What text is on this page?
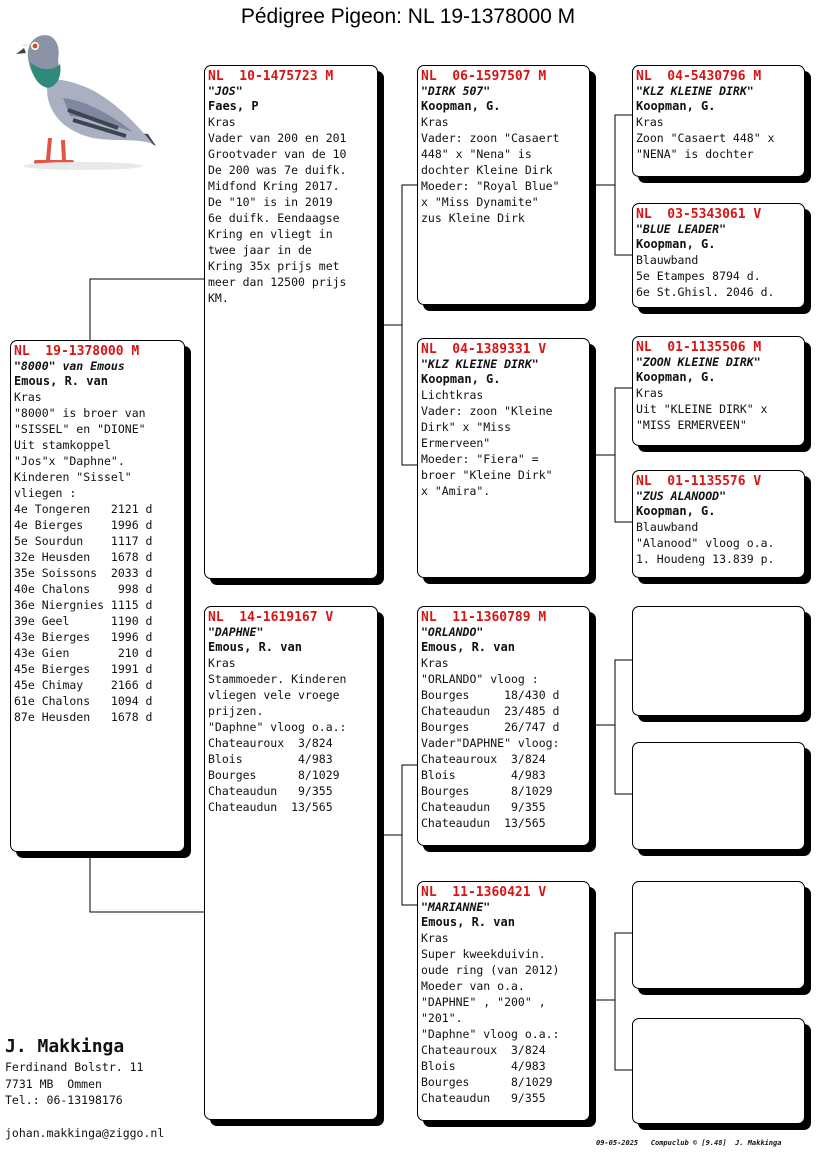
Pédigree Pigeon: NL 19-1378000 M
NL  19-1378000 M
"8000" van Emous
Emous, R. van
Kras
"8000" is broer van
"SISSEL" en "DIONE"
Uit stamkoppel
"Jos"x "Daphne".
Kinderen "Sissel"
vliegen :
4e Tongeren   2121 d
4e Bierges    1996 d
5e Sourdun    1117 d
32e Heusden   1678 d
35e Soissons  2033 d
40e Chalons    998 d
36e Niergnies 1115 d
39e Geel      1190 d
43e Bierges   1996 d
43e Gien       210 d
45e Bierges   1991 d
45e Chimay    2166 d
61e Chalons   1094 d
87e Heusden   1678 d
NL  10-1475723 M
"JOS"
Faes, P
Kras
Vader van 200 en 201
Grootvader van de 10
De 200 was 7e duifk.
Midfond Kring 2017.
De "10" is in 2019
6e duifk. Eendaagse
Kring en vliegt in
twee jaar in de
Kring 35x prijs met
meer dan 12500 prijs
KM.
NL  14-1619167 V
"DAPHNE"
Emous, R. van
Kras
Stammoeder. Kinderen
vliegen vele vroege
prijzen.
"Daphne" vloog o.a.:
Chateauroux  3/824
Blois        4/983
Bourges      8/1029
Chateaudun   9/355
Chateaudun  13/565
NL  06-1597507 M
"DIRK 507"
Koopman, G.
Kras
Vader: zoon "Casaert
448" x "Nena" is
dochter Kleine Dirk
Moeder: "Royal Blue"
x "Miss Dynamite"
zus Kleine Dirk
NL  04-1389331 V
"KLZ KLEINE DIRK"
Koopman, G.
Lichtkras
Vader: zoon "Kleine
Dirk" x "Miss
Ermerveen"
Moeder: "Fiera" =
broer "Kleine Dirk"
x "Amira".
NL  11-1360789 M
"ORLANDO"
Emous, R. van
Kras
"ORLANDO" vloog :
Bourges     18/430 d
Chateaudun  23/485 d
Bourges     26/747 d
Vader"DAPHNE" vloog:
Chateauroux  3/824
Blois        4/983
Bourges      8/1029
Chateaudun   9/355
Chateaudun  13/565
NL  11-1360421 V
"MARIANNE"
Emous, R. van
Kras
Super kweekduivin.
oude ring (van 2012)
Moeder van o.a.
"DAPHNE" , "200" ,
"201".
"Daphne" vloog o.a.:
Chateauroux  3/824
Blois        4/983
Bourges      8/1029
Chateaudun   9/355
NL  04-5430796 M
"KLZ KLEINE DIRK"
Koopman, G.
Kras
Zoon "Casaert 448" x
"NENA" is dochter
NL  03-5343061 V
"BLUE LEADER"
Koopman, G.
Blauwband
5e Etampes 8794 d.
6e St.Ghisl. 2046 d.
NL  01-1135506 M
"ZOON KLEINE DIRK"
Koopman, G.
Kras
Uit "KLEINE DIRK" x
"MISS ERMERVEEN"
NL  01-1135576 V
"ZUS ALANOOD"
Koopman, G.
Blauwband
"Alanood" vloog o.a.
1. Houdeng 13.839 p.
J. Makkinga
Ferdinand Bolstr. 11
7731 MB  Ommen
Tel.: 06-13198176
johan.makkinga@ziggo.nl
09-05-2025   Compuclub © [9.48]  J. Makkinga
